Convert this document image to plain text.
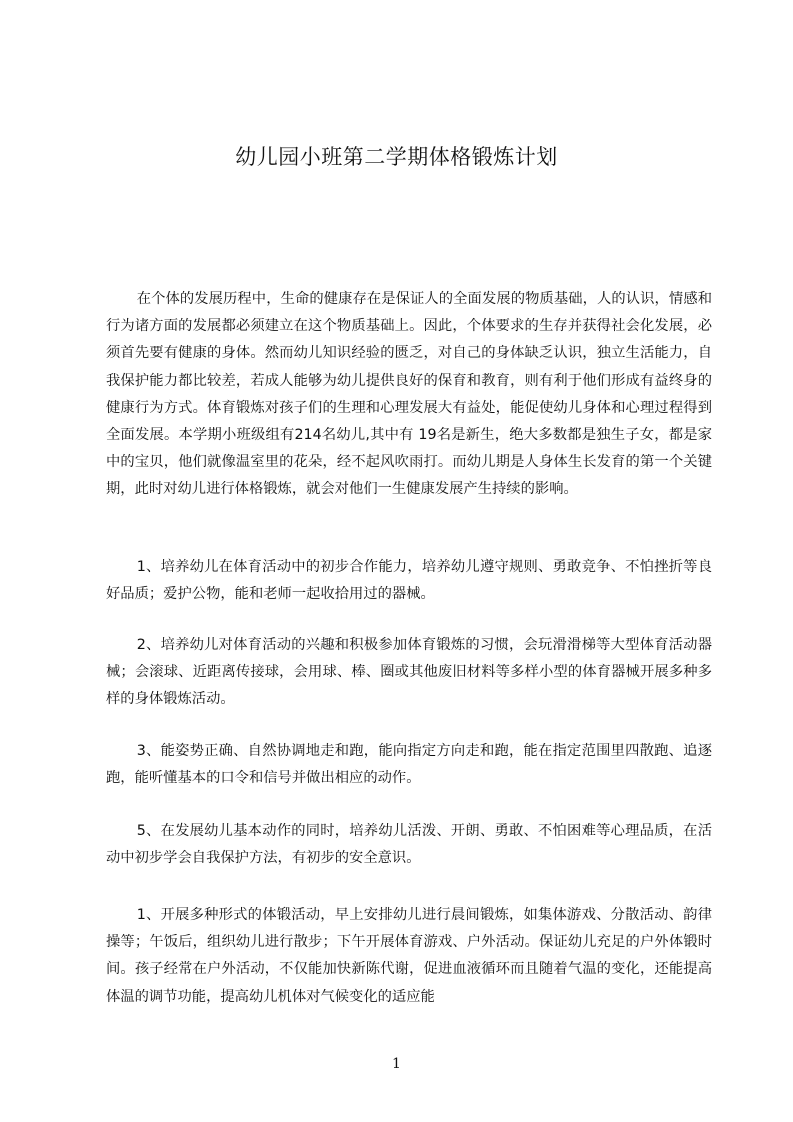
幼儿园小班第二学期体格锻炼计划

在个体的发展历程中，生命的健康存在是保证人的全面发展的物质基础，人的认识，情感和行为诸方面的发展都必须建立在这个物质基础上。因此，个体要求的生存并获得社会化发展，必须首先要有健康的身体。然而幼儿知识经验的匮乏，对自己的身体缺乏认识，独立生活能力，自我保护能力都比较差，若成人能够为幼儿提供良好的保育和教育，则有利于他们形成有益终身的健康行为方式。体育锻炼对孩子们的生理和心理发展大有益处，能促使幼儿身体和心理过程得到全面发展。本学期小班级组有214名幼儿,其中有 19名是新生，绝大多数都是独生子女，都是家中的宝贝，他们就像温室里的花朵，经不起风吹雨打。而幼儿期是人身体生长发育的第一个关键期，此时对幼儿进行体格锻炼，就会对他们一生健康发展产生持续的影响。

1、培养幼儿在体育活动中的初步合作能力，培养幼儿遵守规则、勇敢竞争、不怕挫折等良好品质；爱护公物，能和老师一起收拾用过的器械。

2、培养幼儿对体育活动的兴趣和积极参加体育锻炼的习惯，会玩滑滑梯等大型体育活动器械；会滚球、近距离传接球，会用球、棒、圈或其他废旧材料等多样小型的体育器械开展多种多样的身体锻炼活动。

3、能姿势正确、自然协调地走和跑，能向指定方向走和跑，能在指定范围里四散跑、追逐跑，能听懂基本的口令和信号并做出相应的动作。

5、在发展幼儿基本动作的同时，培养幼儿活泼、开朗、勇敢、不怕困难等心理品质，在活动中初步学会自我保护方法，有初步的安全意识。

1、开展多种形式的体锻活动，早上安排幼儿进行晨间锻炼，如集体游戏、分散活动、韵律操等；午饭后，组织幼儿进行散步；下午开展体育游戏、户外活动。保证幼儿充足的户外体锻时间。孩子经常在户外活动，不仅能加快新陈代谢，促进血液循环而且随着气温的变化，还能提高体温的调节功能，提高幼儿机体对气候变化的适应能

1
